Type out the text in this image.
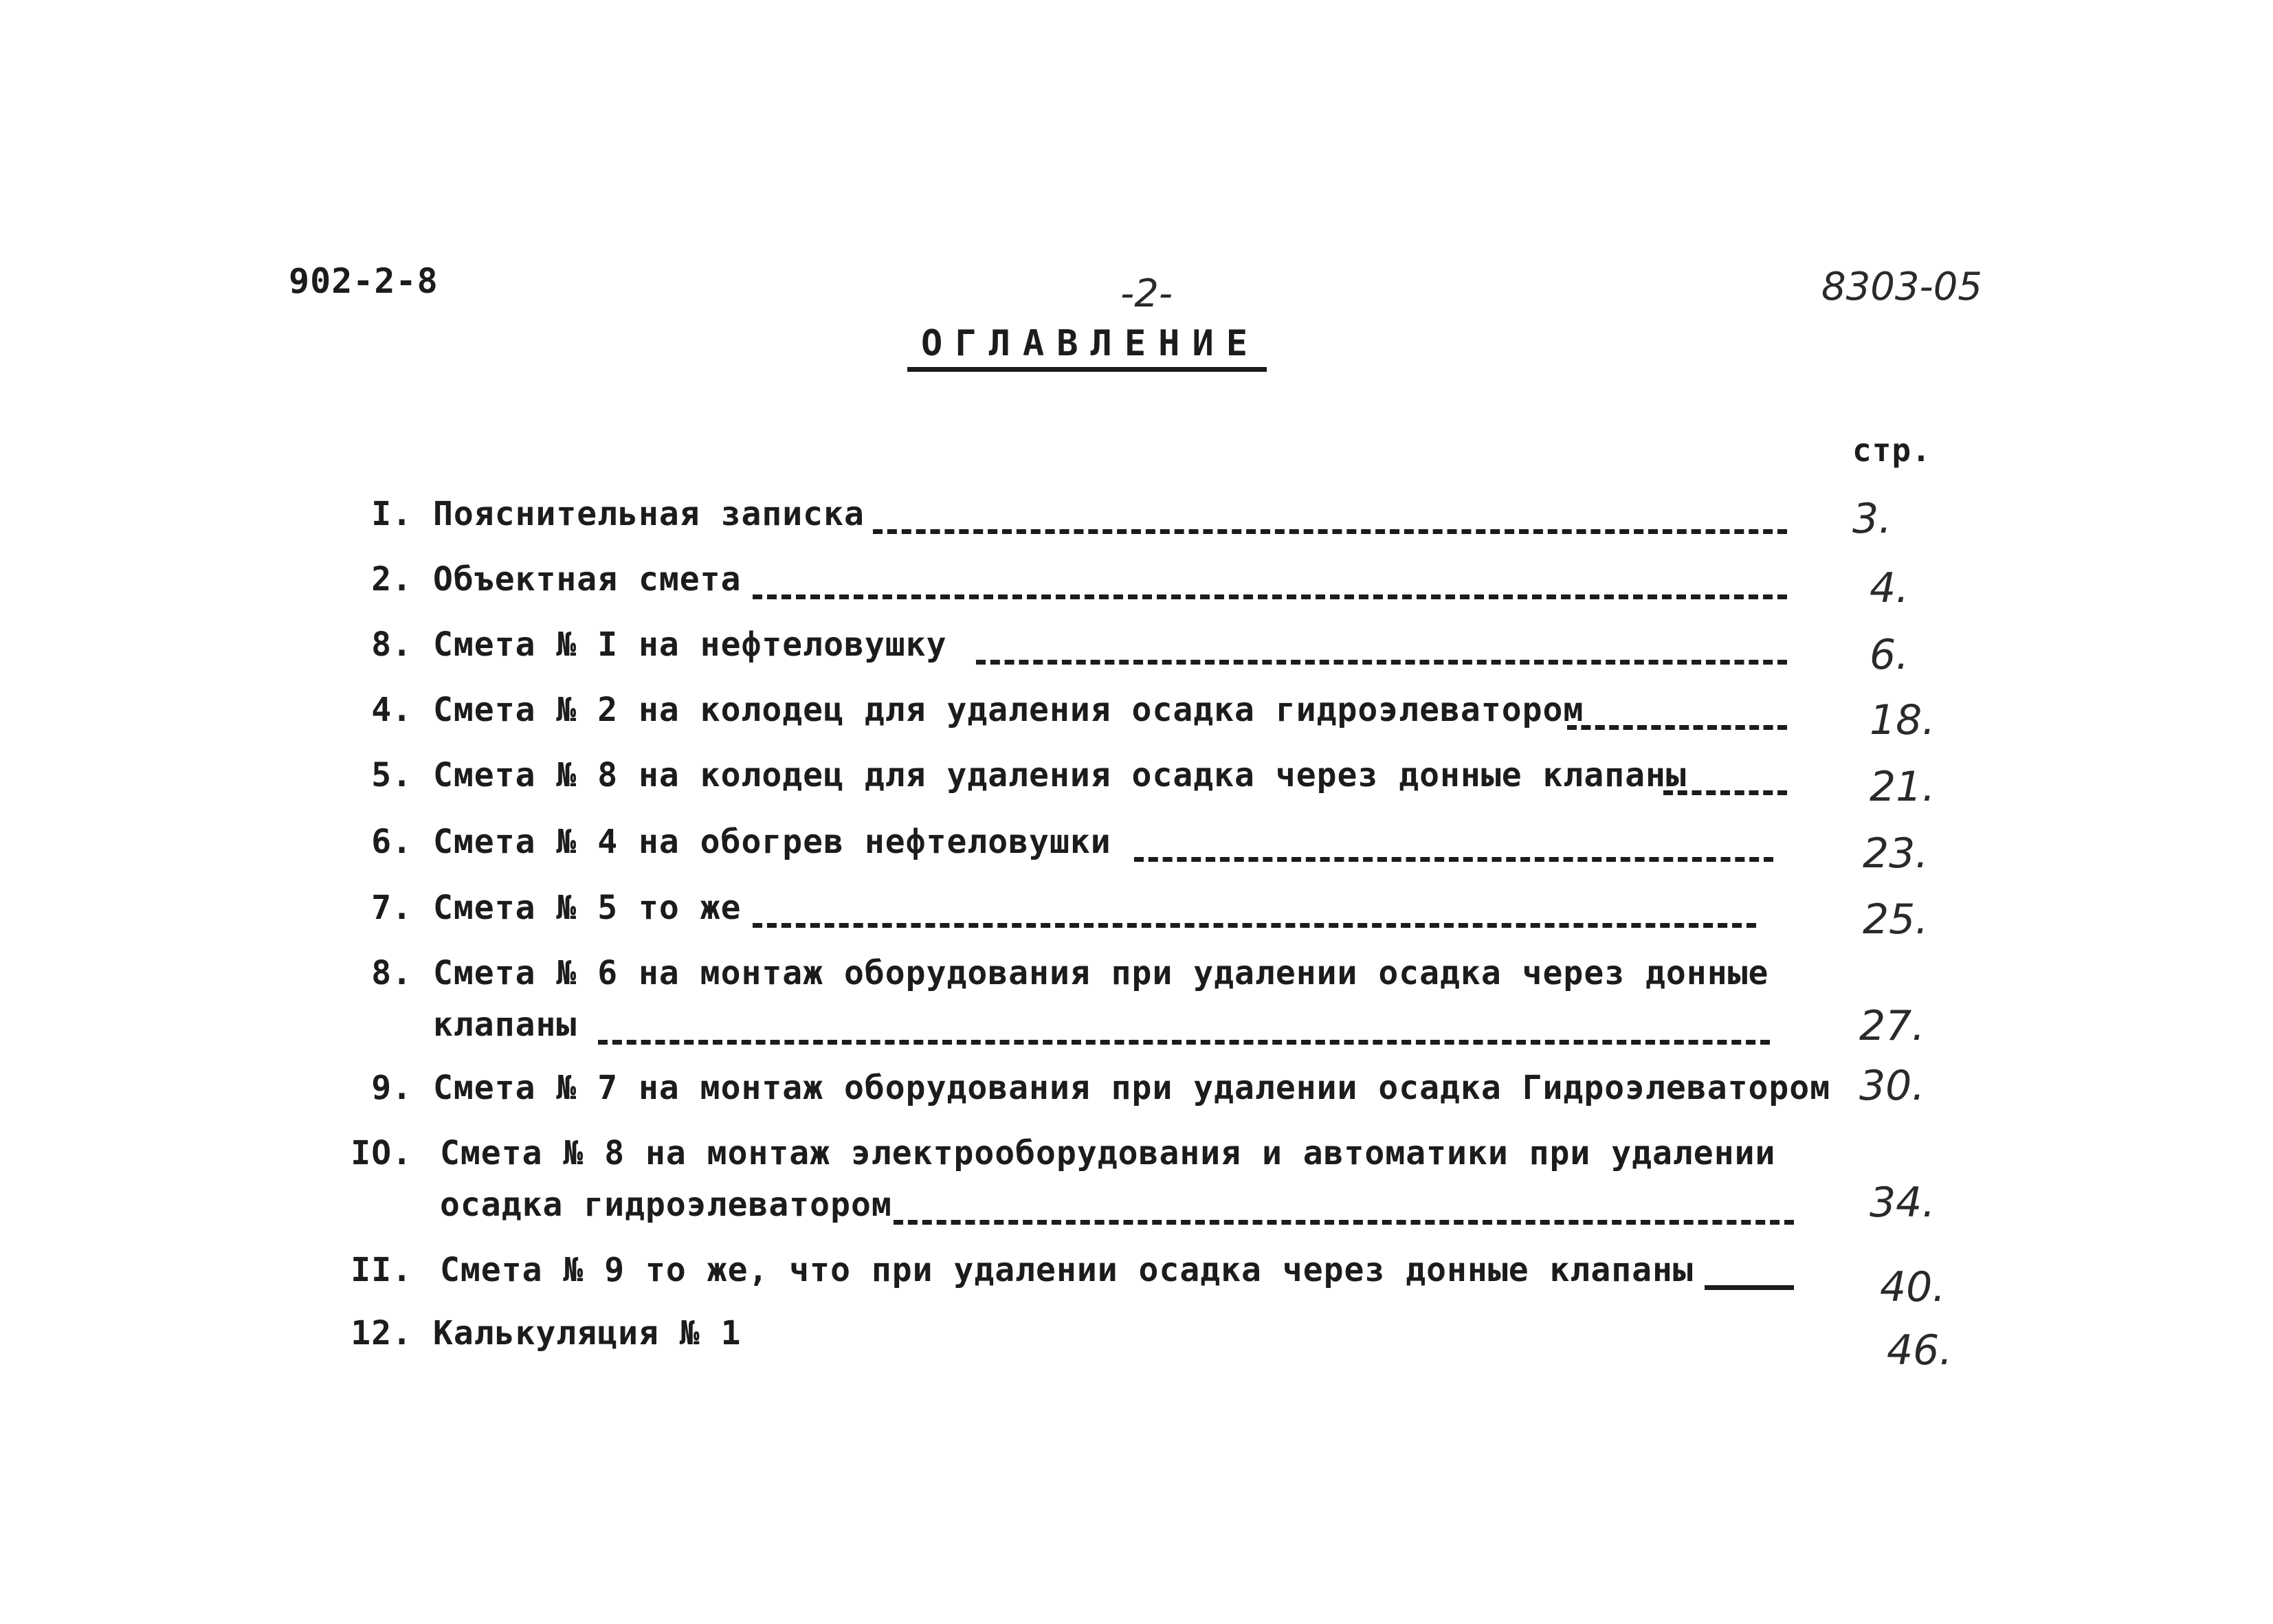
902-2-8	-2-	8303-05
ОГЛАВЛЕНИЕ
стр.
I. Пояснительная записка	3.
2. Объектная смета	4.
8. Смета № I на нефтеловушку	6.
4. Смета № 2 на колодец для удаления осадка гидроэлеватором	18.
5. Смета № 8 на колодец для удаления осадка через донные клапаны	21.
6. Смета № 4 на обогрев нефтеловушки	23.
7. Смета № 5 то же	25.
8. Смета № 6 на монтаж оборудования при удалении осадка через донные
клапаны	27.
9. Смета № 7 на монтаж оборудования при удалении осадка Гидроэлеватором 30.
IO. Смета № 8 на монтаж электрооборудования и автоматики при удалении
осадка гидроэлеватором	34.
II. Смета № 9 то же, что при удалении осадка через донные клапаны	40.
12. Калькуляция № 1	46.
